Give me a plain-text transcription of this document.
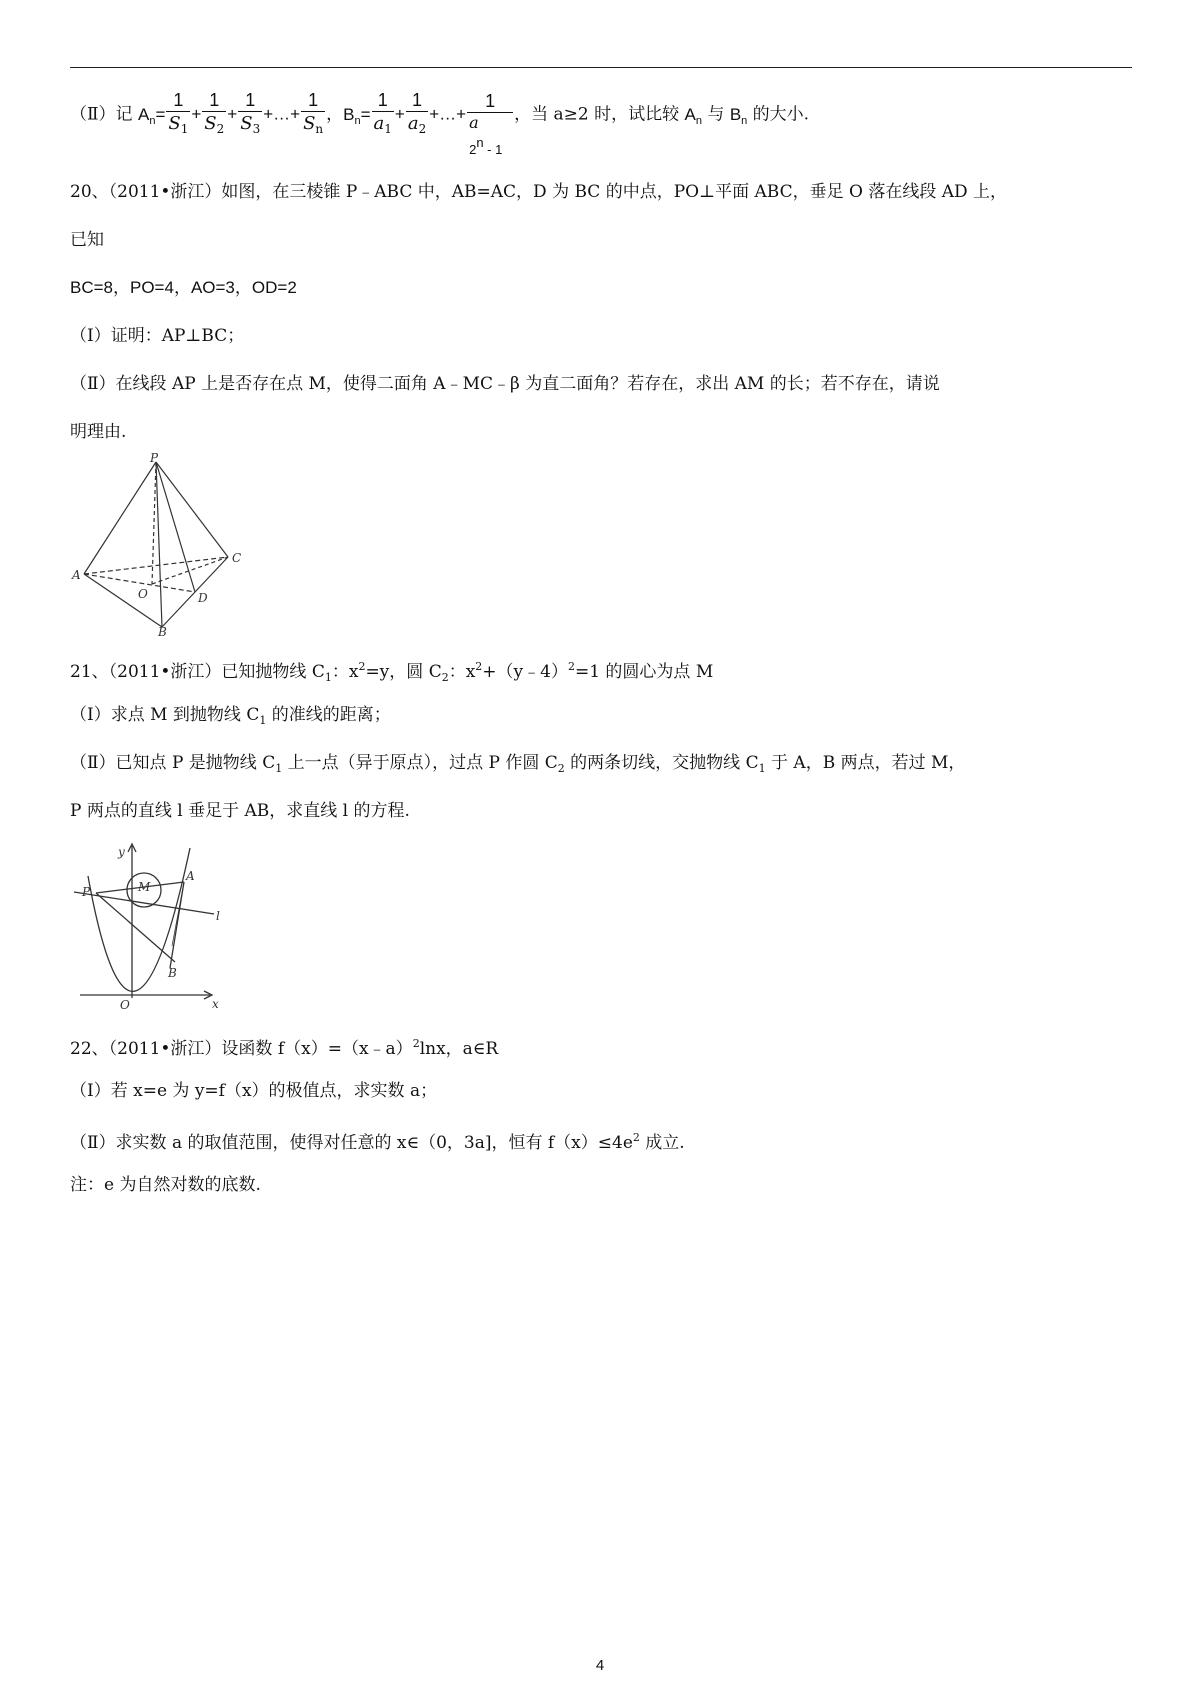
（Ⅱ）记 $A_n= \frac{1}{S_1} + \frac{1}{S_2} + \frac{1}{S_3}$ +…+ $\frac{1}{S_n}$ ，$B_n= \frac{1}{a_1} + \frac{1}{a_2}$ +…+
1
a
2$^n$ - 1
，当 a≥2 时，试比较 $A_n$ 与 $B_n$ 的大小.
20、（2011•浙江）如图，在三棱锥 P﹣ABC 中，AB=AC，D 为 BC 的中点，PO⊥平面 ABC，垂足 O 落在线段 AD 上，
已知
BC=8，PO=4，AO=3，OD=2
（Ⅰ）证明：AP⊥BC；
（Ⅱ）在线段 AP 上是否存在点 M，使得二面角 A﹣MC﹣β 为直二面角？若存在，求出 AM 的长；若不存在，请说
明理由.
P
A
C
O	D
B
21、（2011•浙江）已知抛物线 $C_1$：$x^2=y$，圆 $C_2$：$x^2+(y﹣4)^2=1$ 的圆心为点 M
（Ⅰ）求点 M 到抛物线 $C_1$ 的准线的距离；
（Ⅱ）已知点 P 是抛物线 $C_1$ 上一点（异于原点），过点 P 作圆 $C_2$ 的两条切线，交抛物线 $C_1$ 于 A，B 两点，若过 M，
P 两点的直线 l 垂足于 AB，求直线 l 的方程.
y
x
O
P	M
A
B
l
22、（2011•浙江）设函数 f（x）=（x﹣a）$^2$lnx，a∈R
（Ⅰ）若 x=e 为 y=f（x）的极值点，求实数 a；
（Ⅱ）求实数 a 的取值范围，使得对任意的 x∈（0，3a]，恒有 $f(x)\le 4e^2$ 成立.
注：e 为自然对数的底数.
4
